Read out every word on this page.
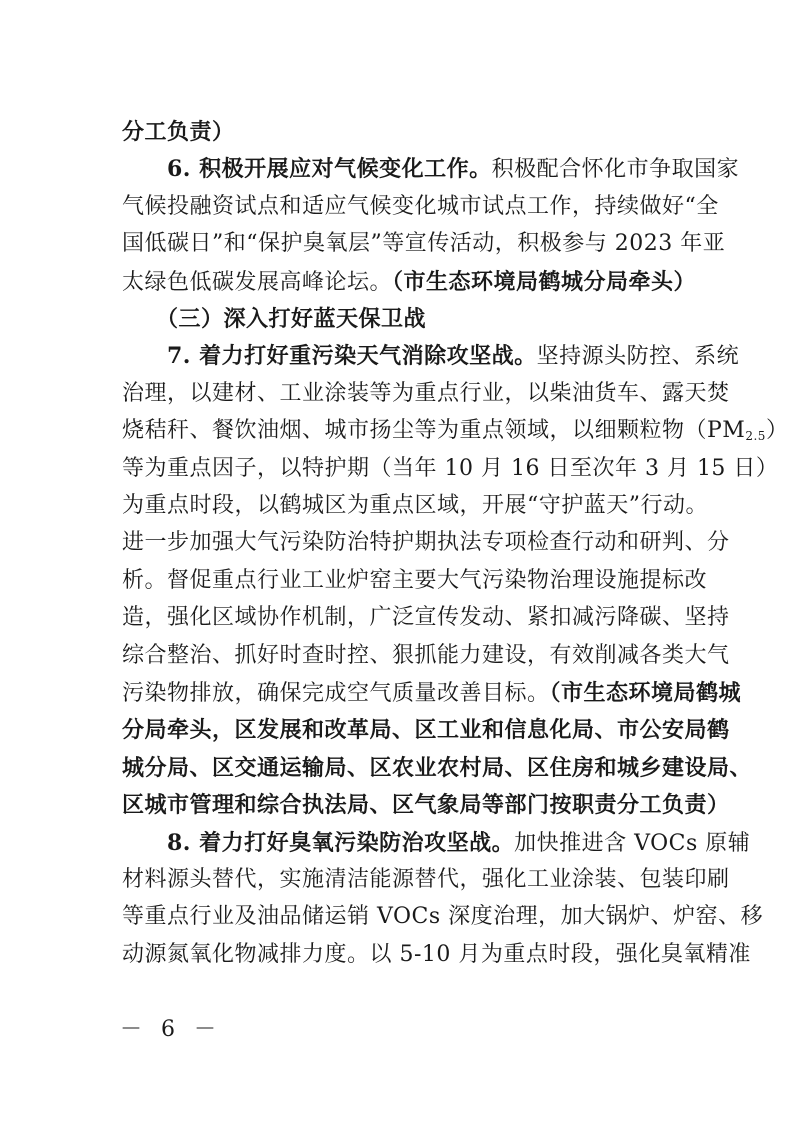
分工负责）
　　6. 积极开展应对气候变化工作。积极配合怀化市争取国家
气候投融资试点和适应气候变化城市试点工作，持续做好“全
国低碳日”和“保护臭氧层”等宣传活动，积极参与 2023 年亚
太绿色低碳发展高峰论坛。（市生态环境局鹤城分局牵头）
　　（三）深入打好蓝天保卫战
　　7. 着力打好重污染天气消除攻坚战。坚持源头防控、系统
治理，以建材、工业涂装等为重点行业，以柴油货车、露天焚
烧秸秆、餐饮油烟、城市扬尘等为重点领域，以细颗粒物$(PM_{2.5})$
等为重点因子，以特护期（当年 10 月 16 日至次年 3 月 15 日）
为重点时段，以鹤城区为重点区域，开展“守护蓝天”行动。
进一步加强大气污染防治特护期执法专项检查行动和研判、分
析。督促重点行业工业炉窑主要大气污染物治理设施提标改
造，强化区域协作机制，广泛宣传发动、紧扣减污降碳、坚持
综合整治、抓好时查时控、狠抓能力建设，有效削减各类大气
污染物排放，确保完成空气质量改善目标。（市生态环境局鹤城
分局牵头，区发展和改革局、区工业和信息化局、市公安局鹤
城分局、区交通运输局、区农业农村局、区住房和城乡建设局、
区城市管理和综合执法局、区气象局等部门按职责分工负责）
　　8. 着力打好臭氧污染防治攻坚战。加快推进含 VOCs 原辅
材料源头替代，实施清洁能源替代，强化工业涂装、包装印刷
等重点行业及油品储运销 VOCs 深度治理，加大锅炉、炉窑、移
动源氮氧化物减排力度。以 5-10 月为重点时段，强化臭氧精准
－ 6 －
